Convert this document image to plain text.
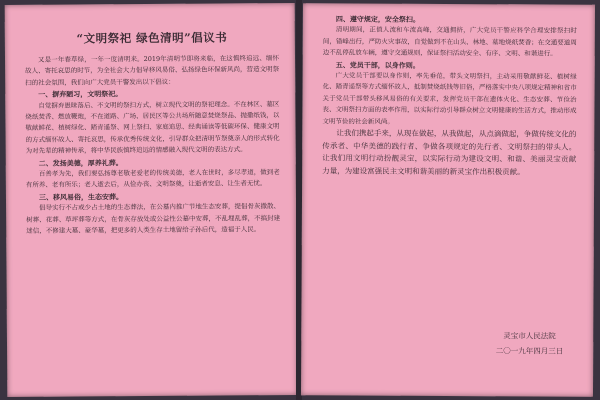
“文明祭祀 绿色清明”倡议书

又是一年春草绿，一年一度清明来。2019年清明节即将来临，在这慎终追远、缅怀故人、寄托哀思的时节，为全社会大力倡导移风易俗、弘扬绿色环保新风尚，营造文明祭扫的社会氛围，我们向广大党员干警发出以下倡议：

一、摒弃陋习，文明祭祀。

自觉摒弃愚昧落后、不文明的祭扫方式，树立现代文明的祭祀理念。不在林区、墓区烧纸焚香、燃放鞭炮，不在道路、广场、居民区等公共场所随意焚烧祭品、抛撒纸钱，以敬献鲜花、植树绿化、踏青遥祭、网上祭扫、家庭追思、经典诵读等低碳环保、健康文明的方式缅怀故人、寄托哀思，传承优秀传统文化，引导群众把清明节祭奠亲人的形式转化为对先辈的精神传承，将中华民族慎终追远的情感融入现代文明的表达方式。

二、发扬美德，厚养礼葬。

百善孝为先，我们要弘扬尊老敬老爱老的传统美德，老人在世时，多尽孝道，做到老有所养、老有所乐；老人逝去后，从俭办丧、文明祭奠，让逝者安息、让生者无忧。

三、移风易俗，生态安葬。

倡导实行不占或少占土地的生态葬法，在公墓内推广节地生态安葬，提倡骨灰撒散、树葬、花葬、草坪葬等方式，在骨灰存放处或公益性公墓中安葬，不乱埋乱葬，不搞封建迷信，不修建大墓、豪华墓，把更多的人类生存土地留给子孙后代，造福于人民。

四、遵守规定，安全祭扫。

清明期间，正值人流和车流高峰，交通拥挤，广大党员干警应科学合理安排祭扫时间，错峰出行，严防火灾事故，自觉做到不在山头、林地、墓地烧纸焚香；在交通要道周边不乱停乱放车辆，遵守交通规则，保证祭扫活动安全、有序、文明、和谐进行。

五、党员干部，以身作则。

广大党员干部要以身作则，率先垂范，带头文明祭扫，主动采用敬献鲜花、植树绿化、踏青遥祭等方式缅怀故人，抵制焚烧纸钱等旧俗，严格落实中央八项规定精神和省市关于党员干部带头移风易俗的有关要求，发挥党员干部在遗体火化、生态安葬、节俭治丧、文明祭扫方面的表率作用，以实际行动引导群众树立文明健康的生活方式，推动形成文明节俭的社会新风尚。

让我们携起手来，从现在做起，从我做起，从点滴做起，争做传统文化的传承者、中华美德的践行者、争做各项规定的先行者、文明祭扫的带头人。让我们用文明行动扮靓灵宝，以实际行动为建设文明、和谐、美丽灵宝贡献力量，为建设富强民主文明和谐美丽的新灵宝作出积极贡献。

灵宝市人民法院
二〇一九年四月三日
